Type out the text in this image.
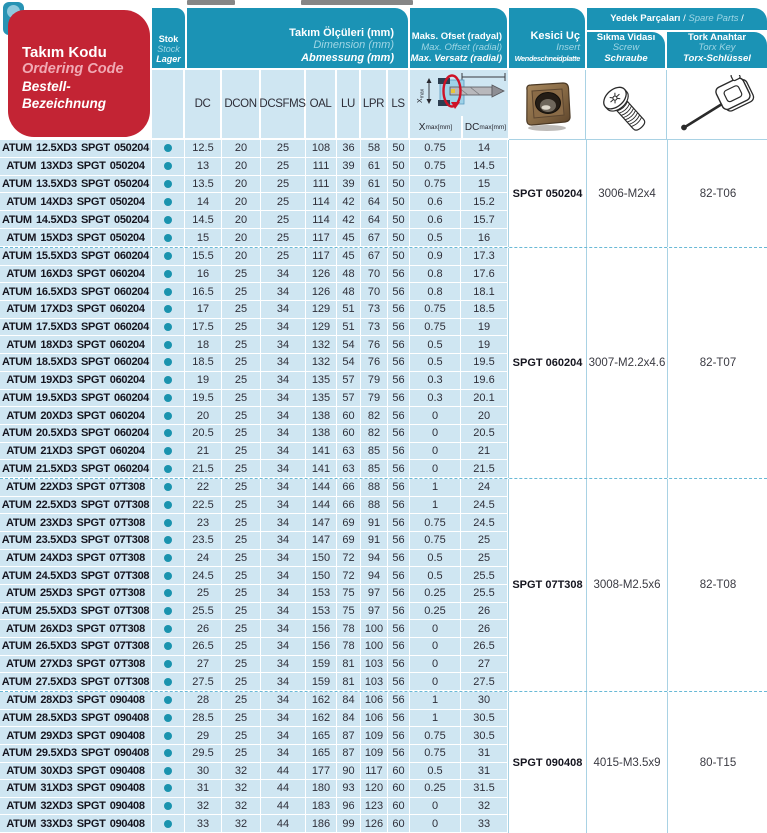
Takım Kodu
Ordering Code
Bestell-Bezeichnung
Stok
Stock
Lager
Takım Ölçüleri (mm)
Dimension (mm)
Abmessung (mm)
Maks. Ofset (radyal)
Max. Offset (radial)
Max. Versatz (radial)
Kesici Uç
Insert
Wendeschneidplatte
Yedek Parçaları / Spare Parts /
Sıkma Vidası
Screw
Schraube
Tork Anahtar
Torx Key
Torx-Schlüssel
DC	DCON DCSFMS OAL LU LPR LS	$X_{max}$
X max [mm] DC max [mm]
ATUM 12.5XD3 SPGT 050204	12.5	20	25	108	36	58	50	0.75	14
ATUM 13XD3 SPGT 050204	13	20	25	111	39	61	50	0.75	14.5
ATUM 13.5XD3 SPGT 050204	13.5	20	25	111	39	61	50	0.75	15
ATUM 14XD3 SPGT 050204	14	20	25	114	42	64	50	0.6	15.2
ATUM 14.5XD3 SPGT 050204	14.5	20	25	114	42	64	50	0.6	15.7
ATUM 15XD3 SPGT 050204	15	20	25	117	45	67	50	0.5	16
SPGT 050204	3006-M2x4	82-T06
ATUM 15.5XD3 SPGT 060204	15.5	20	25	117	45	67	50	0.9	17.3
ATUM 16XD3 SPGT 060204	16	25	34	126	48	70	56	0.8	17.6
ATUM 16.5XD3 SPGT 060204	16.5	25	34	126	48	70	56	0.8	18.1
ATUM 17XD3 SPGT 060204	17	25	34	129	51	73	56	0.75	18.5
ATUM 17.5XD3 SPGT 060204	17.5	25	34	129	51	73	56	0.75	19
ATUM 18XD3 SPGT 060204	18	25	34	132	54	76	56	0.5	19
ATUM 18.5XD3 SPGT 060204	18.5	25	34	132	54	76	56	0.5	19.5
ATUM 19XD3 SPGT 060204	19	25	34	135	57	79	56	0.3	19.6
ATUM 19.5XD3 SPGT 060204	19.5	25	34	135	57	79	56	0.3	20.1
ATUM 20XD3 SPGT 060204	20	25	34	138	60	82	56	0	20
ATUM 20.5XD3 SPGT 060204	20.5	25	34	138	60	82	56	0	20.5
ATUM 21XD3 SPGT 060204	21	25	34	141	63	85	56	0	21
ATUM 21.5XD3 SPGT 060204	21.5	25	34	141	63	85	56	0	21.5
SPGT 060204 3007-M2.2x4.6	82-T07
ATUM 22XD3 SPGT 07T308	22	25	34	144	66	88	56	1	24
ATUM 22.5XD3 SPGT 07T308	22.5	25	34	144	66	88	56	1	24.5
ATUM 23XD3 SPGT 07T308	23	25	34	147	69	91	56	0.75	24.5
ATUM 23.5XD3 SPGT 07T308	23.5	25	34	147	69	91	56	0.75	25
ATUM 24XD3 SPGT 07T308	24	25	34	150	72	94	56	0.5	25
ATUM 24.5XD3 SPGT 07T308	24.5	25	34	150	72	94	56	0.5	25.5
ATUM 25XD3 SPGT 07T308	25	25	34	153	75	97	56	0.25	25.5
ATUM 25.5XD3 SPGT 07T308	25.5	25	34	153	75	97	56	0.25	26
ATUM 26XD3 SPGT 07T308	26	25	34	156	78 100 56	0	26
ATUM 26.5XD3 SPGT 07T308	26.5	25	34	156	78 100 56	0	26.5
ATUM 27XD3 SPGT 07T308	27	25	34	159	81 103 56	0	27
ATUM 27.5XD3 SPGT 07T308	27.5	25	34	159	81 103 56	0	27.5
SPGT 07T308 3008-M2.5x6	82-T08
ATUM 28XD3 SPGT 090408	28	25	34	162	84 106 56	1	30
ATUM 28.5XD3 SPGT 090408	28.5	25	34	162	84 106 56	1	30.5
ATUM 29XD3 SPGT 090408	29	25	34	165	87 109 56	0.75	30.5
ATUM 29.5XD3 SPGT 090408	29.5	25	34	165	87 109 56	0.75	31
ATUM 30XD3 SPGT 090408	30	32	44	177	90 117 60	0.5	31
ATUM 31XD3 SPGT 090408	31	32	44	180	93 120 60	0.25	31.5
ATUM 32XD3 SPGT 090408	32	32	44	183	96 123 60	0	32
ATUM 33XD3 SPGT 090408	33	32	44	186	99 126 60	0	33
SPGT 090408 4015-M3.5x9	80-T15
